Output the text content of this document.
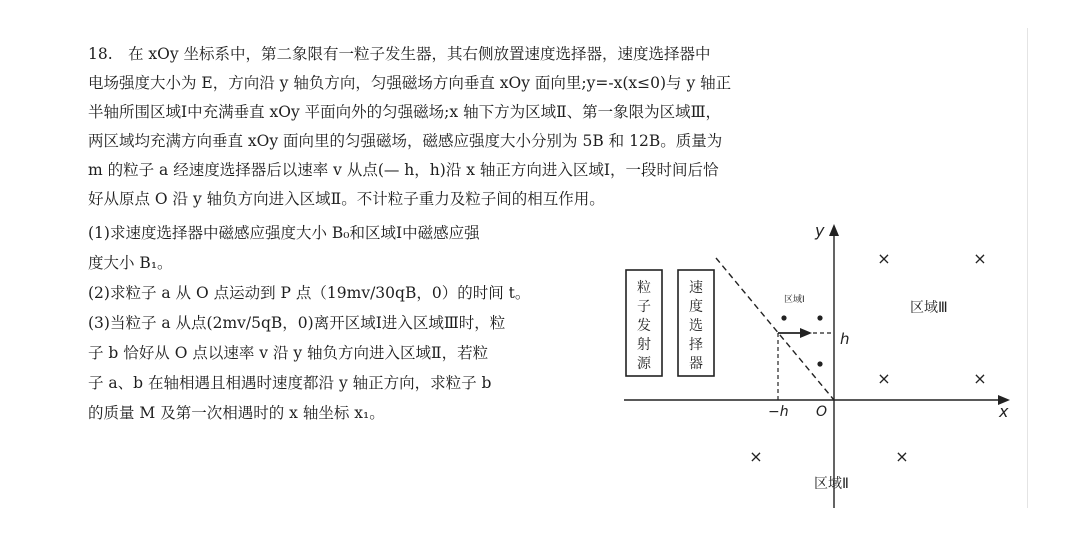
18. 在 xOy 坐标系中，第二象限有一粒子发生器，其右侧放置速度选择器，速度选择器中

电场强度大小为 E，方向沿 y 轴负方向，匀强磁场方向垂直 xOy 面向里;y=-x(x≤0)与 y 轴正

半轴所围区域Ⅰ中充满垂直 xOy 平面向外的匀强磁场;x 轴下方为区域Ⅱ、第一象限为区域Ⅲ，

两区域均充满方向垂直 xOy 面向里的匀强磁场，磁感应强度大小分别为 5B 和 12B。质量为

m 的粒子 a 经速度选择器后以速率 v 从点(— h，h)沿 x 轴正方向进入区域Ⅰ，一段时间后恰

好从原点 O 沿 y 轴负方向进入区域Ⅱ。不计粒子重力及粒子间的相互作用。

(1)求速度选择器中磁感应强度大小 B₀和区域Ⅰ中磁感应强

度大小 B₁。

(2)求粒子 a 从 O 点运动到 P 点（19mv/30qB，0）的时间 t。

(3)当粒子 a 从点(2mv/5qB，0)离开区域Ⅰ进入区域Ⅲ时，粒

子 b 恰好从 O 点以速率 v 沿 y 轴负方向进入区域Ⅱ，若粒

子 a、b 在轴相遇且相遇时速度都沿 y 轴正方向，求粒子 b

的质量 M 及第一次相遇时的 x 轴坐标 x₁。

粒
子
发
射
源
速
度
选
择
器
x
y
区域Ⅰ
h
−h O
区域Ⅲ
区域Ⅱ
×	×
×	×
×	×
